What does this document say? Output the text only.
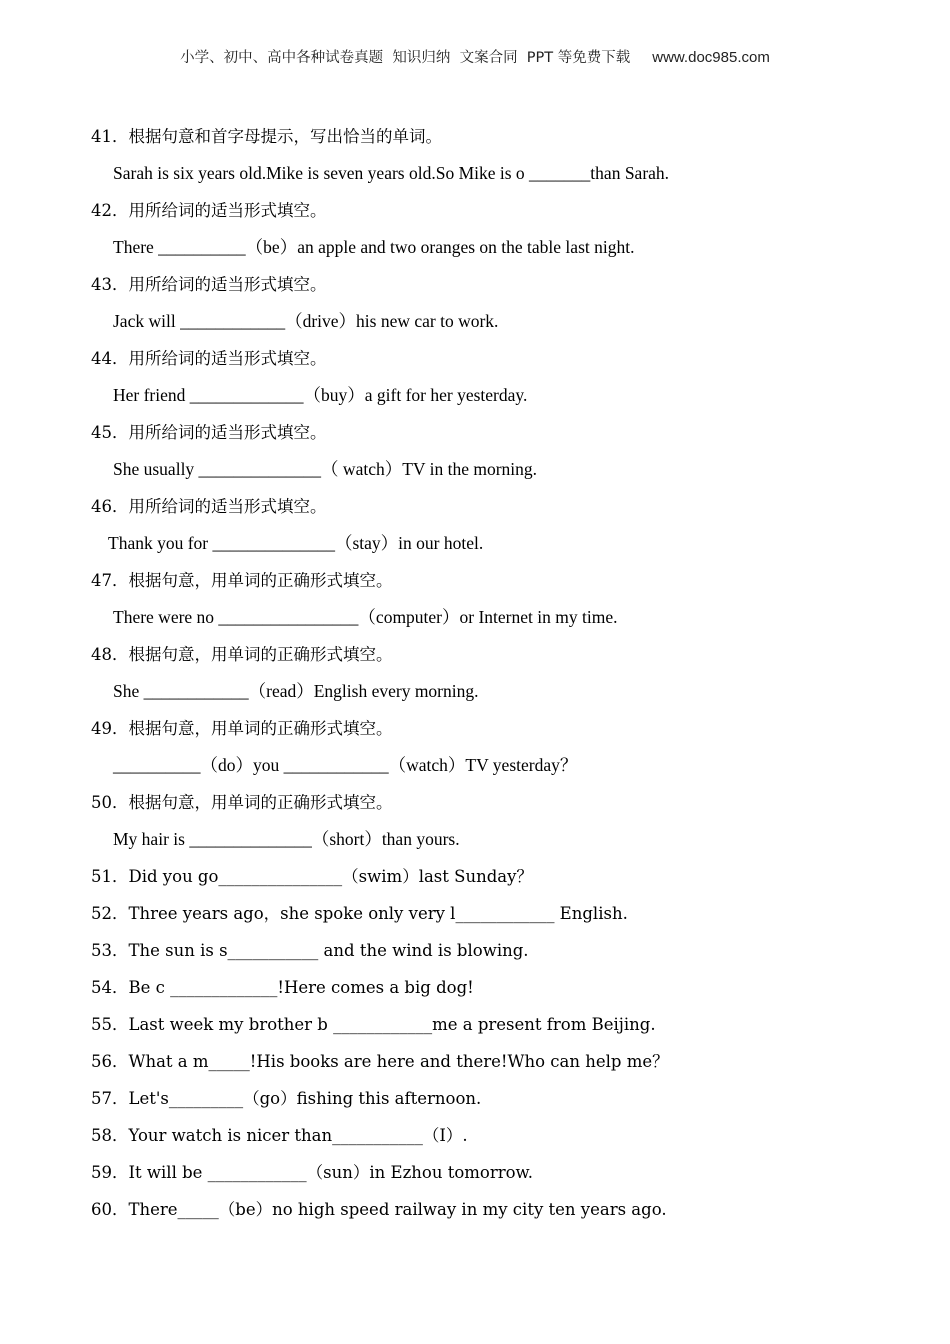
小学、初中、高中各种试卷真题  知识归纳  文案合同  PPT 等免费下载 www.doc985.com
41．根据句意和首字母提示，写出恰当的单词。
Sarah is six years old.Mike is seven years old.So Mike is o _______than Sarah.
42．用所给词的适当形式填空。
There __________（be）an apple and two oranges on the table last night.
43．用所给词的适当形式填空。
Jack will ____________（drive）his new car to work.
44．用所给词的适当形式填空。
Her friend _____________（buy）a gift for her yesterday.
45．用所给词的适当形式填空。
She usually ______________（ watch）TV in the morning.
46．用所给词的适当形式填空。
Thank you for ______________（stay）in our hotel.
47．根据句意，用单词的正确形式填空。
There were no ________________（computer）or Internet in my time.
48．根据句意，用单词的正确形式填空。
She ____________（read）English every morning.
49．根据句意，用单词的正确形式填空。
__________（do）you ____________（watch）TV yesterday？
50．根据句意，用单词的正确形式填空。
My hair is ______________（short）than yours.
51．Did you go_______________（swim）last Sunday？
52．Three years ago，she spoke only very l____________ English.
53．The sun is s___________ and the wind is blowing.
54．Be c _____________!Here comes a big dog!
55．Last week my brother b ____________me a present from Beijing.
56．What a m_____!His books are here and there!Who can help me？
57．Let's_________（go）fishing this afternoon.
58．Your watch is nicer than___________（I）.
59．It will be ____________（sun）in Ezhou tomorrow.
60．There_____（be）no high speed railway in my city ten years ago.
